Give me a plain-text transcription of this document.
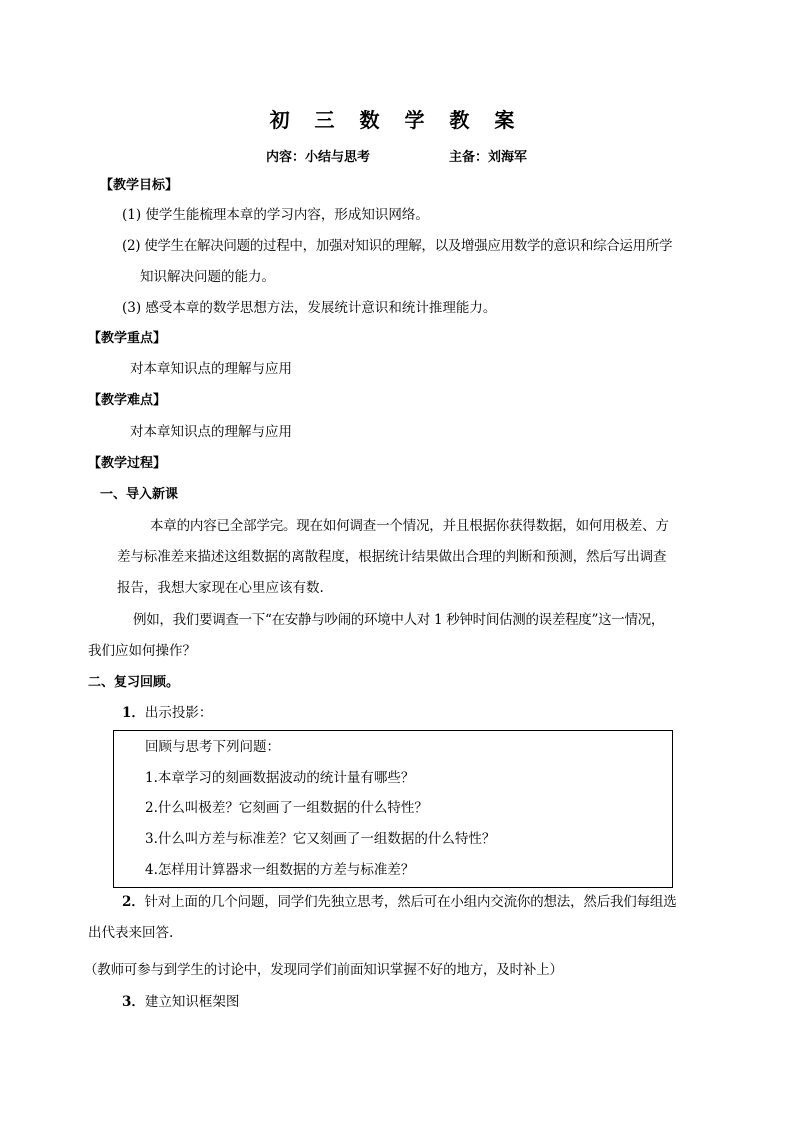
初 三 数 学 教 案
内容：小结与思考	主备：刘海军
【教学目标】
(1) 使学生能梳理本章的学习内容，形成知识网络。
(2) 使学生在解决问题的过程中，加强对知识的理解，以及增强应用数学的意识和综合运用所学
知识解决问题的能力。
(3) 感受本章的数学思想方法，发展统计意识和统计推理能力。
【教学重点】
对本章知识点的理解与应用
【教学难点】
对本章知识点的理解与应用
【教学过程】
一、导入新课
本章的内容已全部学完。现在如何调查一个情况，并且根据你获得数据，如何用极差、方
差与标准差来描述这组数据的离散程度，根据统计结果做出合理的判断和预测，然后写出调查
报告，我想大家现在心里应该有数.
例如，我们要调查一下“在安静与吵闹的环境中人对 1 秒钟时间估测的误差程度”这一情况，
我们应如何操作？
二、复习回顾。
1．出示投影：
回顾与思考下列问题：
1.本章学习的刻画数据波动的统计量有哪些？
2.什么叫极差？它刻画了一组数据的什么特性？
3.什么叫方差与标准差？它又刻画了一组数据的什么特性？
4.怎样用计算器求一组数据的方差与标准差？
2．针对上面的几个问题，同学们先独立思考，然后可在小组内交流你的想法，然后我们每组选
出代表来回答.
（教师可参与到学生的讨论中，发现同学们前面知识掌握不好的地方，及时补上）
3．建立知识框架图
